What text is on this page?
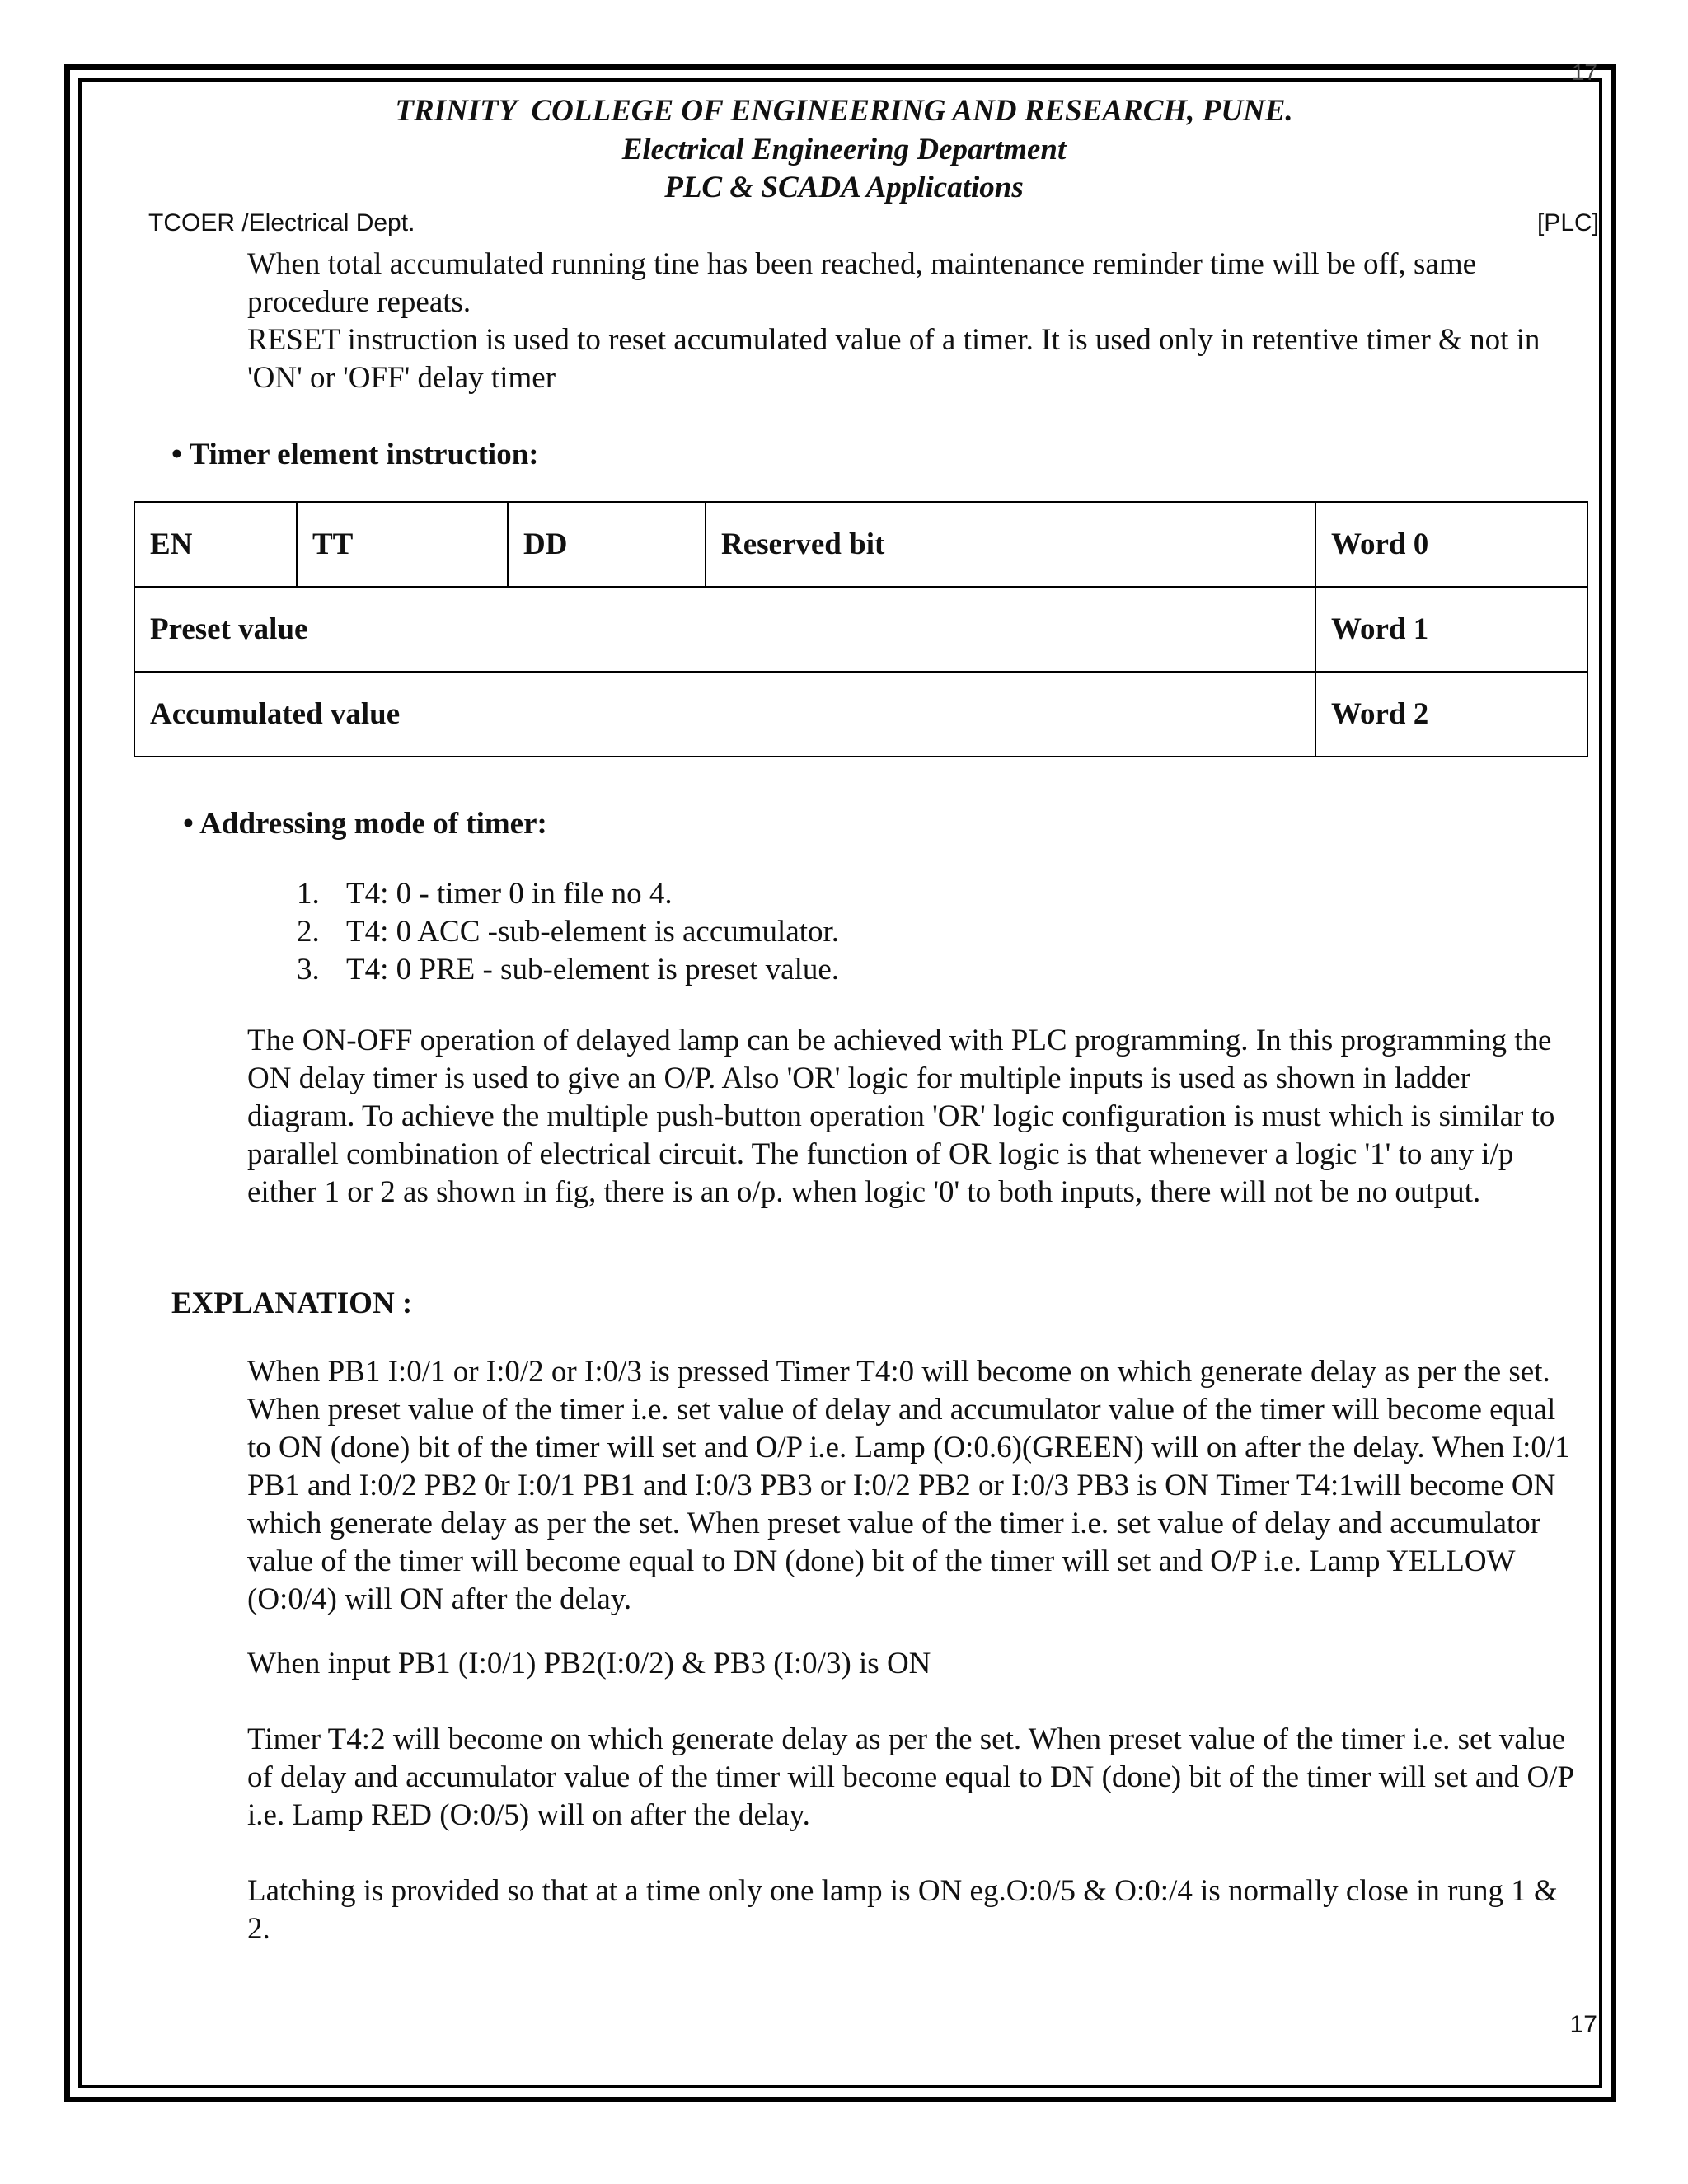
17
TRINITY  COLLEGE OF ENGINEERING AND RESEARCH, PUNE.
Electrical Engineering Department
PLC & SCADA Applications
TCOER /Electrical Dept.	[PLC]

When total accumulated running tine has been reached, maintenance reminder time will be off, same procedure repeats.

RESET instruction is used to reset accumulated value of a timer. It is used only in retentive timer & not in 'ON' or 'OFF' delay timer

• Timer element instruction:
EN	TT	DD	Reserved bit	Word 0
Preset value				Word 1
Accumulated value				Word 2
• Addressing mode of timer:
1. T4: 0 - timer 0 in file no 4.
2. T4: 0 ACC -sub-element is accumulator.
3. T4: 0 PRE - sub-element is preset value.
The ON-OFF operation of delayed lamp can be achieved with PLC programming. In this programming the ON delay timer is used to give an O/P. Also 'OR' logic for multiple inputs is used as shown in ladder diagram. To achieve the multiple push-button operation 'OR' logic configuration is must which is similar to parallel combination of electrical circuit. The function of OR logic is that whenever a logic '1' to any i/p either 1 or 2 as shown in fig, there is an o/p. when logic '0' to both inputs, there will not be no output.
EXPLANATION :
When PB1 I:0/1 or I:0/2 or I:0/3 is pressed Timer T4:0 will become on which generate delay as per the set. When preset value of the timer i.e. set value of delay and accumulator value of the timer will become equal to ON (done) bit of the timer will set and O/P i.e. Lamp (O:0.6)(GREEN) will on after the delay. When I:0/1 PB1 and I:0/2 PB2 0r I:0/1 PB1 and I:0/3 PB3 or I:0/2 PB2 or I:0/3 PB3 is ON Timer T4:1will become ON which generate delay as per the set. When preset value of the timer i.e. set value of delay and accumulator value of the timer will become equal to DN (done) bit of the timer will set and O/P i.e. Lamp YELLOW (O:0/4) will ON after the delay.
When input PB1 (I:0/1) PB2(I:0/2) & PB3 (I:0/3) is ON
Timer T4:2 will become on which generate delay as per the set. When preset value of the timer i.e. set value of delay and accumulator value of the timer will become equal to DN (done) bit of the timer will set and O/P i.e. Lamp RED (O:0/5) will on after the delay.
Latching is provided so that at a time only one lamp is ON eg.O:0/5 & O:0:/4 is normally close in rung 1 & 2.
17
